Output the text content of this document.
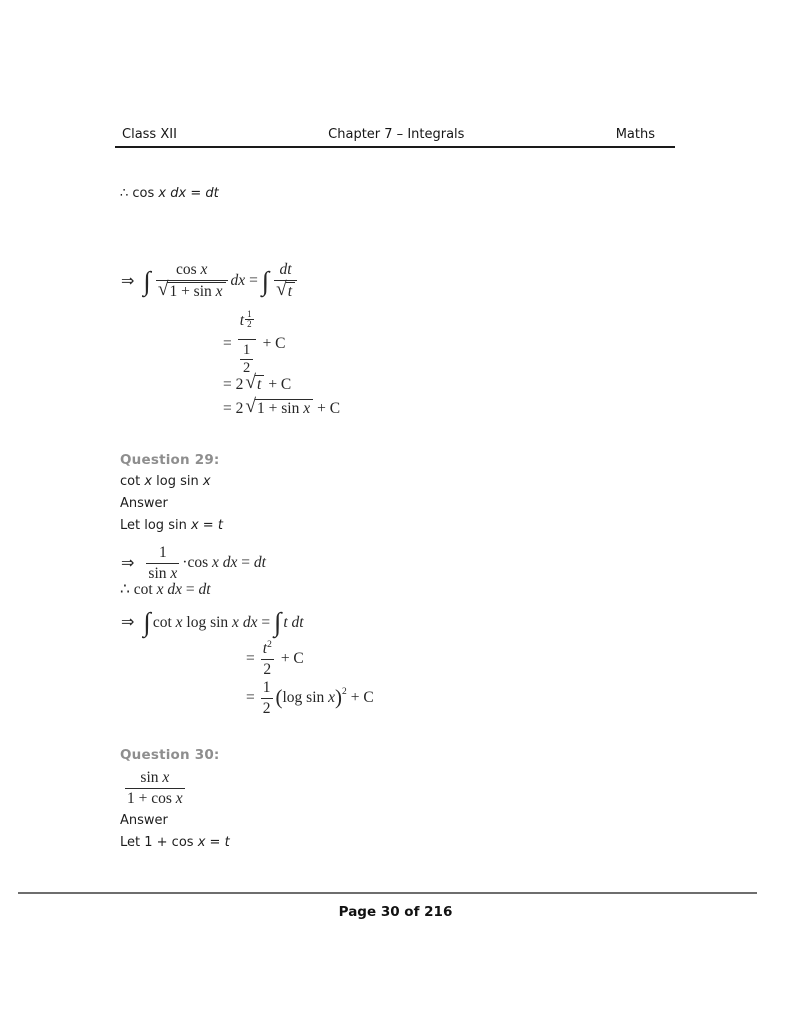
Class XII	Chapter 7 – Integrals	Maths
∴ cos x dx = dt
⇒ ∫ $\frac{\text{cos x}}{\text{√ 1 + sin x}}$ dx = ∫ $\frac{dt}{√ t}$
= $\frac{t \frac{1}{2}}{\frac{1}{2}} + C$
= 2 √ t + C
= 2 √ 1 + sin x + C
Question 29:
cot x log sin x
Answer
Let log sin x = t
⇒ $\frac{1}{\text{sin x}} \cdot\cos$ x dx = dt
∴ cot x dx = dt
⇒ ∫ cot x log sin x dx = ∫ t dt
= $\frac{t^2}{2} + C$
= $\frac{1}{2}$ ( log sin x ) 2 + C
Question 30:
$\frac{\text{sin x}}{\text{1 + cos x}}$
Answer
Let 1 + cos x = t
Page 30 of 216
